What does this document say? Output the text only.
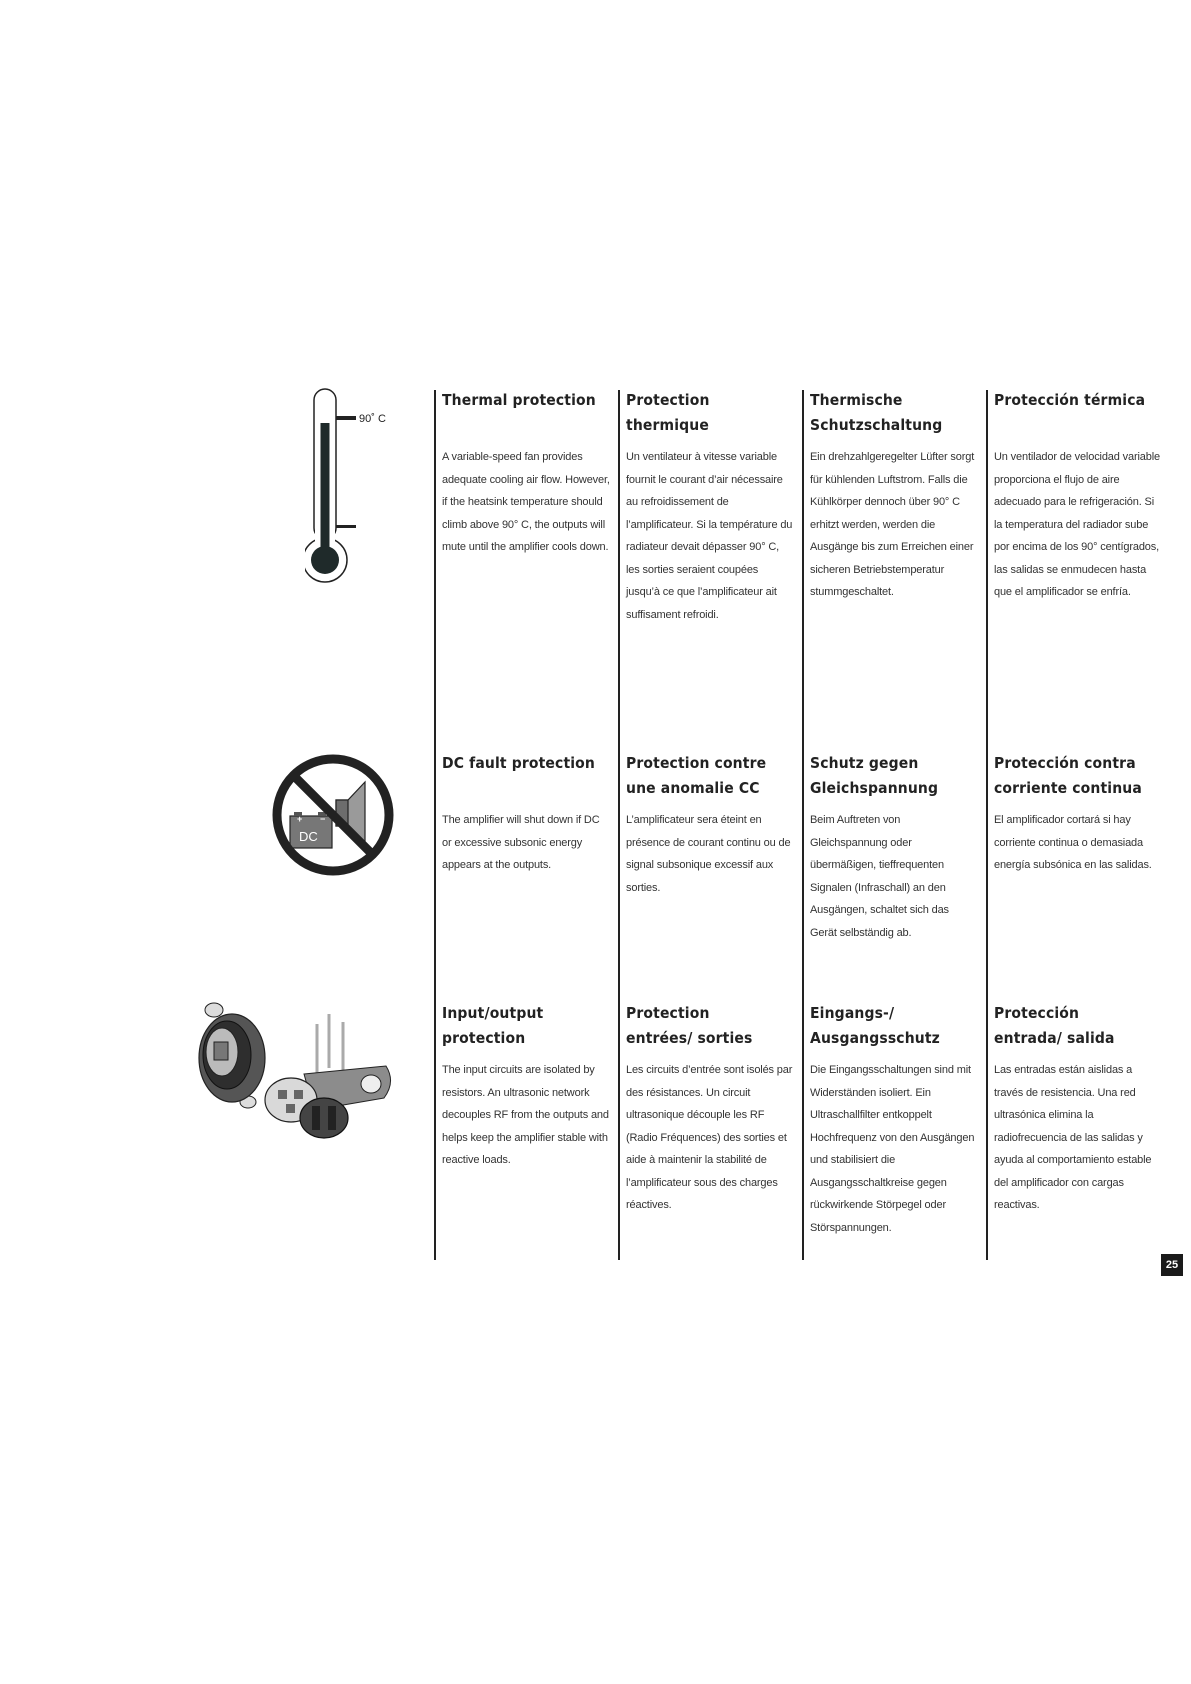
90˚ C
+ −
DC
Thermal protection

A variable-speed fan provides adequate cooling air flow. However, if the heatsink temperature should climb above 90° C, the outputs will mute until the amplifier cools down.

Protection thermique

Un ventilateur à vitesse variable fournit le courant d’air nécessaire au refroidissement de l’amplificateur. Si la température du radiateur devait dépasser 90° C, les sorties seraient coupées jusqu’à ce que l’amplificateur ait suffisament refroidi.

Thermische Schutzschaltung

Ein drehzahlgeregelter Lüfter sorgt für kühlenden Luftstrom. Falls die Kühlkörper dennoch über 90° C erhitzt werden, werden die Ausgänge bis zum Erreichen einer sicheren Betriebstemperatur stummgeschaltet.

Protección térmica

Un ventilador de velocidad variable proporciona el flujo de aire adecuado para le refrigeración. Si la temperatura del radiador sube por encima de los 90° centígrados, las salidas se enmudecen hasta que el amplificador se enfría.

DC fault protection

The amplifier will shut down if DC or excessive subsonic energy appears at the outputs.

Protection contre une anomalie CC

L’amplificateur sera éteint en présence de courant continu ou de signal subsonique excessif aux sorties.

Schutz gegen Gleichspannung

Beim Auftreten von Gleichspannung oder übermäßigen, tieffrequenten Signalen (Infraschall) an den Ausgängen, schaltet sich das Gerät selbständig ab.

Protección contra corriente continua

El amplificador cortará si hay corriente continua o demasiada energía subsónica en las salidas.

Input/output protection

The input circuits are isolated by resistors. An ultrasonic network decouples RF from the outputs and helps keep the amplifier stable with reactive loads.

Protection entrées/ sorties

Les circuits d’entrée sont isolés par des résistances. Un circuit ultrasonique découple les RF (Radio Fréquences) des sorties et aide à maintenir la stabilité de l’amplificateur sous des charges réactives.

Eingangs-/ Ausgangsschutz

Die Eingangsschaltungen sind mit Widerständen isoliert. Ein Ultraschallfilter entkoppelt Hochfrequenz von den Ausgängen und stabilisiert die Ausgangsschaltkreise gegen rückwirkende Störpegel oder Störspannungen.

Protección entrada/ salida

Las entradas están aislidas a través de resistencia. Una red ultrasónica elimina la radiofrecuencia de las salidas y ayuda al comportamiento estable del amplificador con cargas reactivas.

25
